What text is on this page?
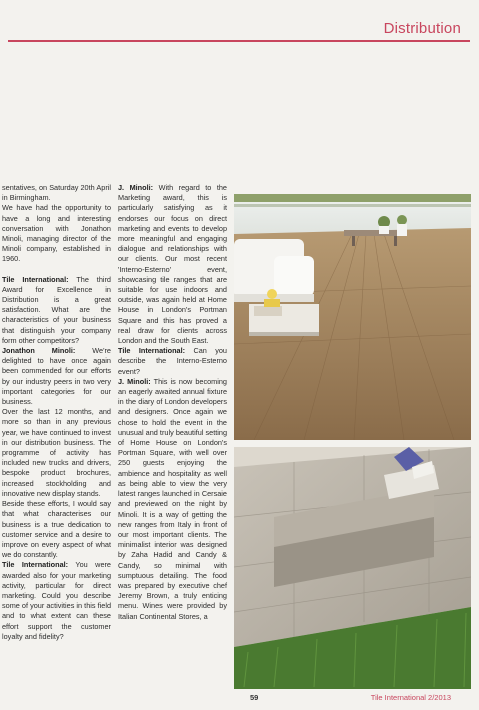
Distribution

sentatives, on Saturday 20th April in Birmingham.

We have had the opportunity to have a long and interesting conversation with Jonathon Minoli, managing director of the Minoli company, established in 1960.

Tile International: The third Award for Excellence in Distribution is a great satisfaction. What are the characteristics of your business that distinguish your company form other competitors?

Jonathon Minoli: We're delighted to have once again been commended for our efforts by our industry peers in two very important categories for our business.

Over the last 12 months, and more so than in any previous year, we have continued to invest in our distribution business. The programme of activity has included new trucks and drivers, bespoke product brochures, increased stockholding and innovative new display stands.

Beside these efforts, I would say that what characterises our business is a true dedication to customer service and a desire to improve on every aspect of what we do constantly.

Tile International: You were awarded also for your marketing activity, particular for direct marketing. Could you describe some of your activities in this field and to what extent can these effort support the customer loyalty and fidelity?

J. Minoli: With regard to the Marketing award, this is particularly satisfying as it endorses our focus on direct marketing and events to develop more meaningful and engaging dialogue and relationships with our clients. Our most recent 'Interno-Esterno' event, showcasing tile ranges that are suitable for use indoors and outside, was again held at Home House in London's Portman Square and this has proved a real draw for clients across London and the South East.

Tile International: Can you describe the Interno-Esterno event?

J. Minoli: This is now becoming an eagerly awaited annual fixture in the diary of London developers and designers. Once again we chose to hold the event in the unusual and truly beautiful setting of Home House on London's Portman Square, with well over 250 guests enjoying the ambience and hospitality as well as being able to view the very latest ranges launched in Cersaie and previewed on the night by Minoli. It is a way of getting the new ranges from Italy in front of our most important clients. The minimalist interior was designed by Zaha Hadid and Candy & Candy, so minimal with sumptuous detailing. The food was prepared by executive chef Jeremy Brown, a truly enticing menu. Wines were provided by Italian Continental Stores, a

59	Tile International 2/2013
